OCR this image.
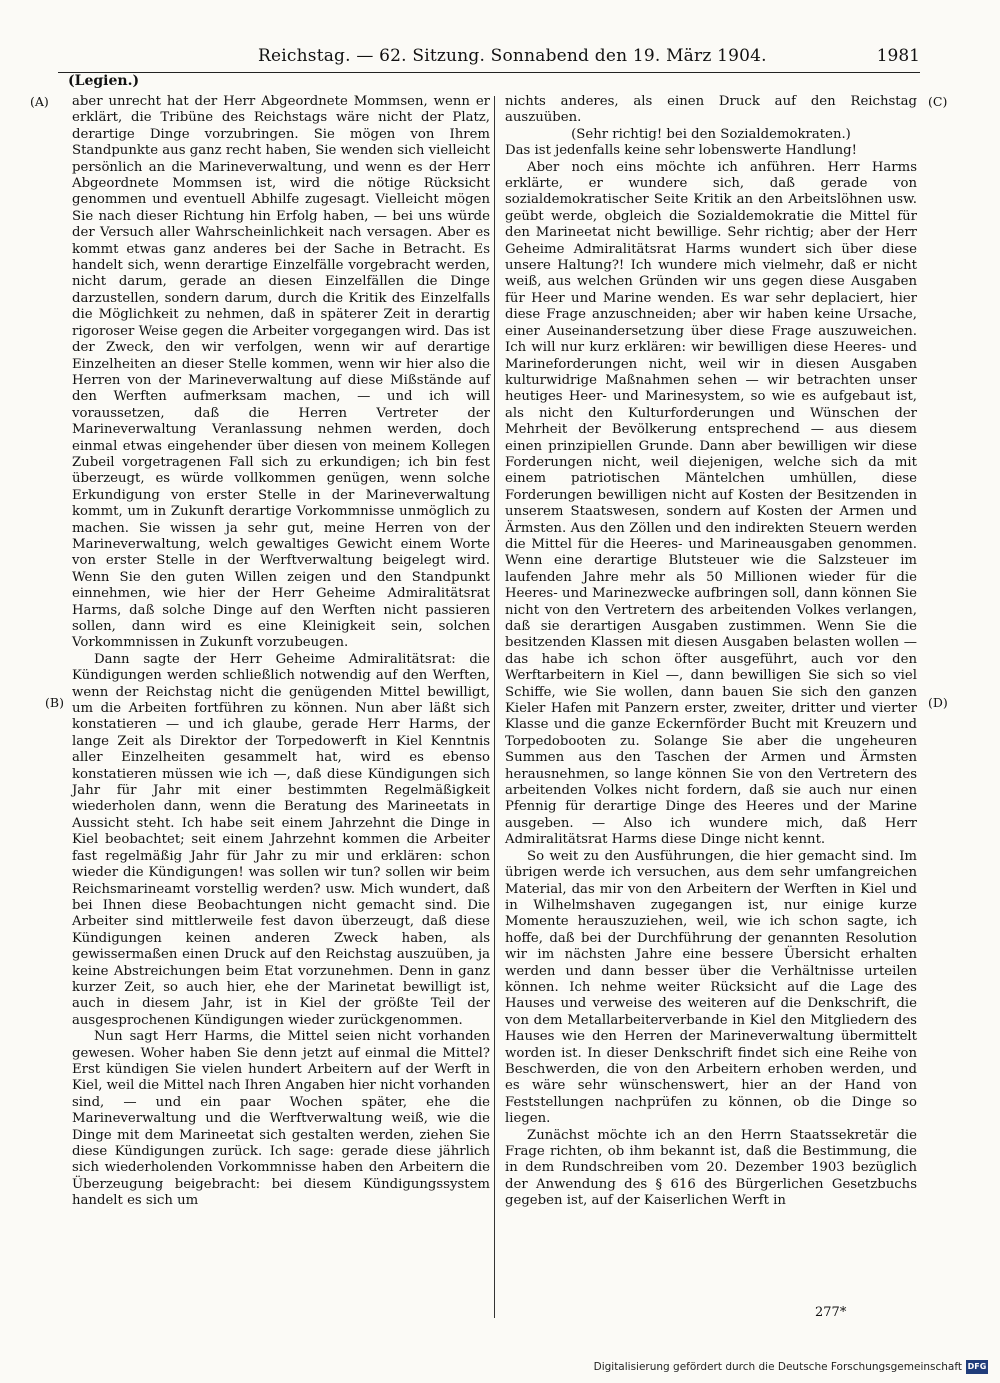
Reichstag. — 62. Sitzung. Sonnabend den 19. März 1904.	1981
(Legien.)
(A)
(B)
(C)
(D)

aber unrecht hat der Herr Abgeordnete Mommsen, wenn er erklärt, die Tribüne des Reichstags wäre nicht der Platz, derartige Dinge vorzubringen. Sie mögen von Ihrem Standpunkte aus ganz recht haben, Sie wenden sich vielleicht persönlich an die Marineverwaltung, und wenn es der Herr Abgeordnete Mommsen ist, wird die nötige Rücksicht genommen und eventuell Abhilfe zugesagt. Vielleicht mögen Sie nach dieser Richtung hin Erfolg haben, — bei uns würde der Versuch aller Wahrscheinlichkeit nach versagen. Aber es kommt etwas ganz anderes bei der Sache in Betracht. Es handelt sich, wenn derartige Einzelfälle vorgebracht werden, nicht darum, gerade an diesen Einzelfällen die Dinge darzustellen, sondern darum, durch die Kritik des Einzelfalls die Möglichkeit zu nehmen, daß in späterer Zeit in derartig rigoroser Weise gegen die Arbeiter vorgegangen wird. Das ist der Zweck, den wir verfolgen, wenn wir auf derartige Einzelheiten an dieser Stelle kommen, wenn wir hier also die Herren von der Marineverwaltung auf diese Mißstände auf den Werften aufmerksam machen, — und ich will voraussetzen, daß die Herren Vertreter der Marineverwaltung Veranlassung nehmen werden, doch einmal etwas eingehender über diesen von meinem Kollegen Zubeil vorgetragenen Fall sich zu erkundigen; ich bin fest überzeugt, es würde vollkommen genügen, wenn solche Erkundigung von erster Stelle in der Marineverwaltung kommt, um in Zukunft derartige Vorkommnisse unmöglich zu machen. Sie wissen ja sehr gut, meine Herren von der Marineverwaltung, welch gewaltiges Gewicht einem Worte von erster Stelle in der Werftverwaltung beigelegt wird. Wenn Sie den guten Willen zeigen und den Standpunkt einnehmen, wie hier der Herr Geheime Admiralitätsrat Harms, daß solche Dinge auf den Werften nicht passieren sollen, dann wird es eine Kleinigkeit sein, solchen Vorkommnissen in Zukunft vorzubeugen.

Dann sagte der Herr Geheime Admiralitätsrat: die Kündigungen werden schließlich notwendig auf den Werften, wenn der Reichstag nicht die genügenden Mittel bewilligt, um die Arbeiten fortführen zu können. Nun aber läßt sich konstatieren — und ich glaube, gerade Herr Harms, der lange Zeit als Direktor der Torpedowerft in Kiel Kenntnis aller Einzelheiten gesammelt hat, wird es ebenso konstatieren müssen wie ich —, daß diese Kündigungen sich Jahr für Jahr mit einer bestimmten Regelmäßigkeit wiederholen dann, wenn die Beratung des Marineetats in Aussicht steht. Ich habe seit einem Jahrzehnt die Dinge in Kiel beobachtet; seit einem Jahrzehnt kommen die Arbeiter fast regelmäßig Jahr für Jahr zu mir und erklären: schon wieder die Kündigungen! was sollen wir tun? sollen wir beim Reichsmarineamt vorstellig werden? usw. Mich wundert, daß bei Ihnen diese Beobachtungen nicht gemacht sind. Die Arbeiter sind mittlerweile fest davon überzeugt, daß diese Kündigungen keinen anderen Zweck haben, als gewissermaßen einen Druck auf den Reichstag auszuüben, ja keine Abstreichungen beim Etat vorzunehmen. Denn in ganz kurzer Zeit, so auch hier, ehe der Marinetat bewilligt ist, auch in diesem Jahr, ist in Kiel der größte Teil der ausgesprochenen Kündigungen wieder zurückgenommen.

Nun sagt Herr Harms, die Mittel seien nicht vorhanden gewesen. Woher haben Sie denn jetzt auf einmal die Mittel? Erst kündigen Sie vielen hundert Arbeitern auf der Werft in Kiel, weil die Mittel nach Ihren Angaben hier nicht vorhanden sind, — und ein paar Wochen später, ehe die Marineverwaltung und die Werftverwaltung weiß, wie die Dinge mit dem Marineetat sich gestalten werden, ziehen Sie diese Kündigungen zurück. Ich sage: gerade diese jährlich sich wiederholenden Vorkommnisse haben den Arbeitern die Überzeugung beigebracht: bei diesem Kündigungssystem handelt es sich um

nichts anderes, als einen Druck auf den Reichstag auszuüben.

(Sehr richtig! bei den Sozialdemokraten.)

Das ist jedenfalls keine sehr lobenswerte Handlung!

Aber noch eins möchte ich anführen. Herr Harms erklärte, er wundere sich, daß gerade von sozialdemokratischer Seite Kritik an den Arbeitslöhnen usw. geübt werde, obgleich die Sozialdemokratie die Mittel für den Marineetat nicht bewillige. Sehr richtig; aber der Herr Geheime Admiralitätsrat Harms wundert sich über diese unsere Haltung?! Ich wundere mich vielmehr, daß er nicht weiß, aus welchen Gründen wir uns gegen diese Ausgaben für Heer und Marine wenden. Es war sehr deplaciert, hier diese Frage anzuschneiden; aber wir haben keine Ursache, einer Auseinandersetzung über diese Frage auszuweichen. Ich will nur kurz erklären: wir bewilligen diese Heeres- und Marineforderungen nicht, weil wir in diesen Ausgaben kulturwidrige Maßnahmen sehen — wir betrachten unser heutiges Heer- und Marinesystem, so wie es aufgebaut ist, als nicht den Kulturforderungen und Wünschen der Mehrheit der Bevölkerung entsprechend — aus diesem einen prinzipiellen Grunde. Dann aber bewilligen wir diese Forderungen nicht, weil diejenigen, welche sich da mit einem patriotischen Mäntelchen umhüllen, diese Forderungen bewilligen nicht auf Kosten der Besitzenden in unserem Staatswesen, sondern auf Kosten der Armen und Ärmsten. Aus den Zöllen und den indirekten Steuern werden die Mittel für die Heeres- und Marineausgaben genommen. Wenn eine derartige Blutsteuer wie die Salzsteuer im laufenden Jahre mehr als 50 Millionen wieder für die Heeres- und Marinezwecke aufbringen soll, dann können Sie nicht von den Vertretern des arbeitenden Volkes verlangen, daß sie derartigen Ausgaben zustimmen. Wenn Sie die besitzenden Klassen mit diesen Ausgaben belasten wollen — das habe ich schon öfter ausgeführt, auch vor den Werftarbeitern in Kiel —, dann bewilligen Sie sich so viel Schiffe, wie Sie wollen, dann bauen Sie sich den ganzen Kieler Hafen mit Panzern erster, zweiter, dritter und vierter Klasse und die ganze Eckernförder Bucht mit Kreuzern und Torpedobooten zu. Solange Sie aber die ungeheuren Summen aus den Taschen der Armen und Ärmsten herausnehmen, so lange können Sie von den Vertretern des arbeitenden Volkes nicht fordern, daß sie auch nur einen Pfennig für derartige Dinge des Heeres und der Marine ausgeben. — Also ich wundere mich, daß Herr Admiralitätsrat Harms diese Dinge nicht kennt.

So weit zu den Ausführungen, die hier gemacht sind. Im übrigen werde ich versuchen, aus dem sehr umfangreichen Material, das mir von den Arbeitern der Werften in Kiel und in Wilhelmshaven zugegangen ist, nur einige kurze Momente herauszuziehen, weil, wie ich schon sagte, ich hoffe, daß bei der Durchführung der genannten Resolution wir im nächsten Jahre eine bessere Übersicht erhalten werden und dann besser über die Verhältnisse urteilen können. Ich nehme weiter Rücksicht auf die Lage des Hauses und verweise des weiteren auf die Denkschrift, die von dem Metallarbeiterverbande in Kiel den Mitgliedern des Hauses wie den Herren der Marineverwaltung übermittelt worden ist. In dieser Denkschrift findet sich eine Reihe von Beschwerden, die von den Arbeitern erhoben werden, und es wäre sehr wünschenswert, hier an der Hand von Feststellungen nachprüfen zu können, ob die Dinge so liegen.

Zunächst möchte ich an den Herrn Staatssekretär die Frage richten, ob ihm bekannt ist, daß die Bestimmung, die in dem Rundschreiben vom 20. Dezember 1903 bezüglich der Anwendung des § 616 des Bürgerlichen Gesetzbuchs gegeben ist, auf der Kaiserlichen Werft in

277*
Digitalisierung gefördert durch die Deutsche Forschungsgemeinschaft DFG
